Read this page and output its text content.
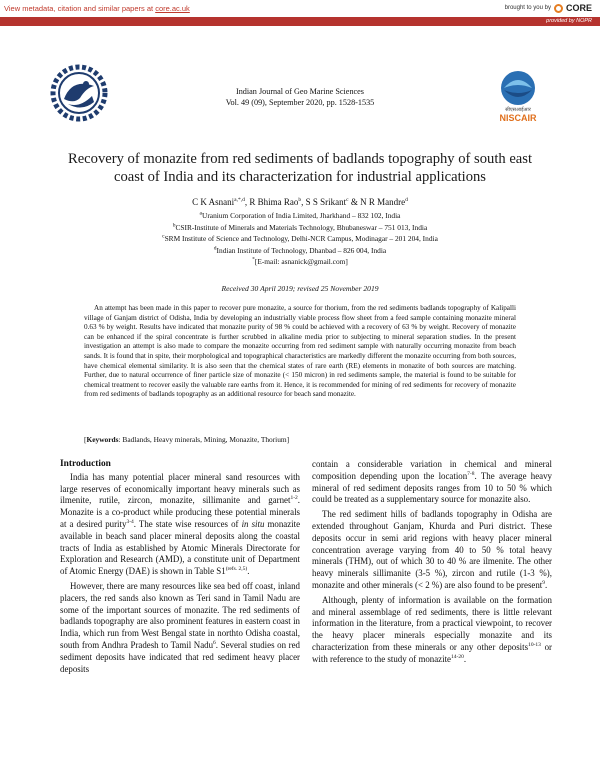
View metadata, citation and similar papers at core.ac.uk	brought to you by CORE
provided by NOPR
सीएसआईआर
NISCAIR
Indian Journal of Geo Marine Sciences
Vol. 49 (09), September 2020, pp. 1528-1535
Recovery of monazite from red sediments of badlands topography of south east coast of India and its characterization for industrial applications
C K Asnani$^{a,*,d}$, R Bhima Rao$^b$, S S Srikant$^c$ & N R Mandre$^d$
$^a$Uranium Corporation of India Limited, Jharkhand – 832 102, India
$^b$CSIR-Institute of Minerals and Materials Technology, Bhubaneswar – 751 013, India
$^c$SRM Institute of Science and Technology, Delhi-NCR Campus, Modinagar – 201 204, India
$^d$Indian Institute of Technology, Dhanbad – 826 004, India
*[E-mail: asnanick@gmail.com]
Received 30 April 2019; revised 25 November 2019
An attempt has been made in this paper to recover pure monazite, a source for thorium, from the red sediments badlands topography of Kalipalli village of Ganjam district of Odisha, India by developing an industrially viable process flow sheet from a feed sample containing monazite mineral 0.63 % by weight. Results have indicated that monazite purity of 98 % could be achieved with a recovery of 63 % by weight. Recovery of monazite can be enhanced if the spiral concentrate is further scrubbed in alkaline media prior to subjecting to mineral separation studies. In the present investigation an attempt is also made to compare the monazite occurring from red sediment sample with naturally occurring monazite from beach sands. It is found that in spite, their morphological and topographical characteristics are markedly different the monazite occurring from both sources, have chemical elemental similarity. It is also seen that the chemical states of rare earth (RE) elements in monazite of both sources are matching. Further, due to natural occurrence of finer particle size of monazite (< 150 micron) in red sediments sample, the material is found to be suitable for chemical treatment to recover easily the valuable rare earths from it. Hence, it is recommended for mining of red sediments for recovery of monazite from red sediments of badlands topography as an additional resource for beach sand monazite.
[Keywords: Badlands, Heavy minerals, Mining, Monazite, Thorium]
Introduction

India has many potential placer mineral sand resources with large reserves of economically important heavy minerals such as ilmenite, rutile, zircon, monazite, sillimanite and garnet$^{1-2}$. Monazite is a co-product while producing these potential minerals at a desired purity$^{3-4}$. The state wise resources of in situ monazite available in beach sand placer mineral deposits along the coastal tracts of India as established by Atomic Minerals Directorate for Exploration and Research (AMD), a constitute unit of Department of Atomic Energy (DAE) is shown in Table $S1^{(refs. 2,5)}$.

However, there are many resources like sea bed off coast, inland placers, the red sands also known as Teri sand in Tamil Nadu are some of the important sources of monazite. The red sediments of badlands topography are also prominent features in eastern coast in India, which run from West Bengal state in northto Odisha coastal, south from Andhra Pradesh to Tamil Nadu$^6$. Several studies on red sediment deposits have indicated that red sediment heavy placer deposits

contain a considerable variation in chemical and mineral composition depending upon the location$^{7-8}$. The average heavy mineral of red sediment deposits ranges from 10 to 50 % which could be treated as a supplementary source for monazite also.

The red sediment hills of badlands topography in Odisha are extended throughout Ganjam, Khurda and Puri district. These deposits occur in semi arid regions with heavy placer mineral concentration average varying from 40 to 50 % total heavy minerals (THM), out of which 30 to 40 % are ilmenite. The other heavy minerals sillimanite (3-5 %), zircon and rutile (1-3 %), monazite and other minerals (< 2 %) are also found to be present$^9$.

Although, plenty of information is available on the formation and mineral assemblage of red sediments, there is little relevant information in the literature, from a practical viewpoint, to recover the heavy placer minerals especially monazite and its characterization from these minerals or any other deposits$^{10-13}$ or with reference to the study of monazite$^{14-20}$.
